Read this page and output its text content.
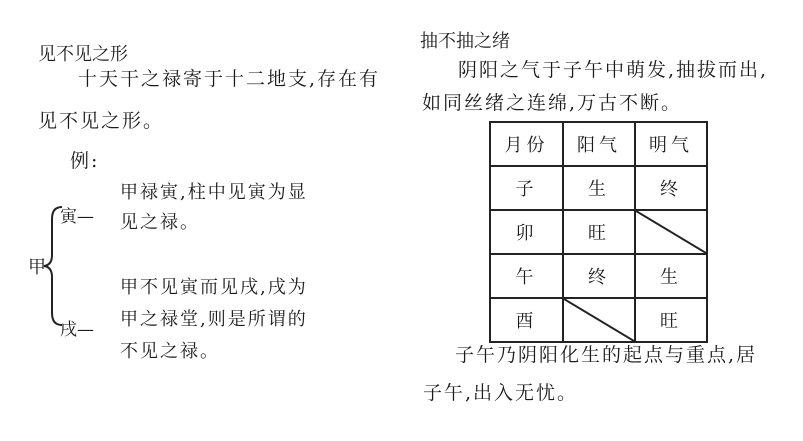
见不见之形
十天干之禄寄于十二地支,存在有
见不见之形。
例:
甲
寅—
戌—
甲禄寅,柱中见寅为显见之禄。
甲不见寅而见戌,戌为甲之禄堂,则是所谓的不见之禄。
抽不抽之绪
阴阳之气于子午中萌发,抽拔而出,
如同丝绪之连绵,万古不断。
月份	阳气	明气
子	生	终
卯	旺	

午	终	生
酉		旺
子午乃阴阳化生的起点与重点,居
子午,出入无忧。
